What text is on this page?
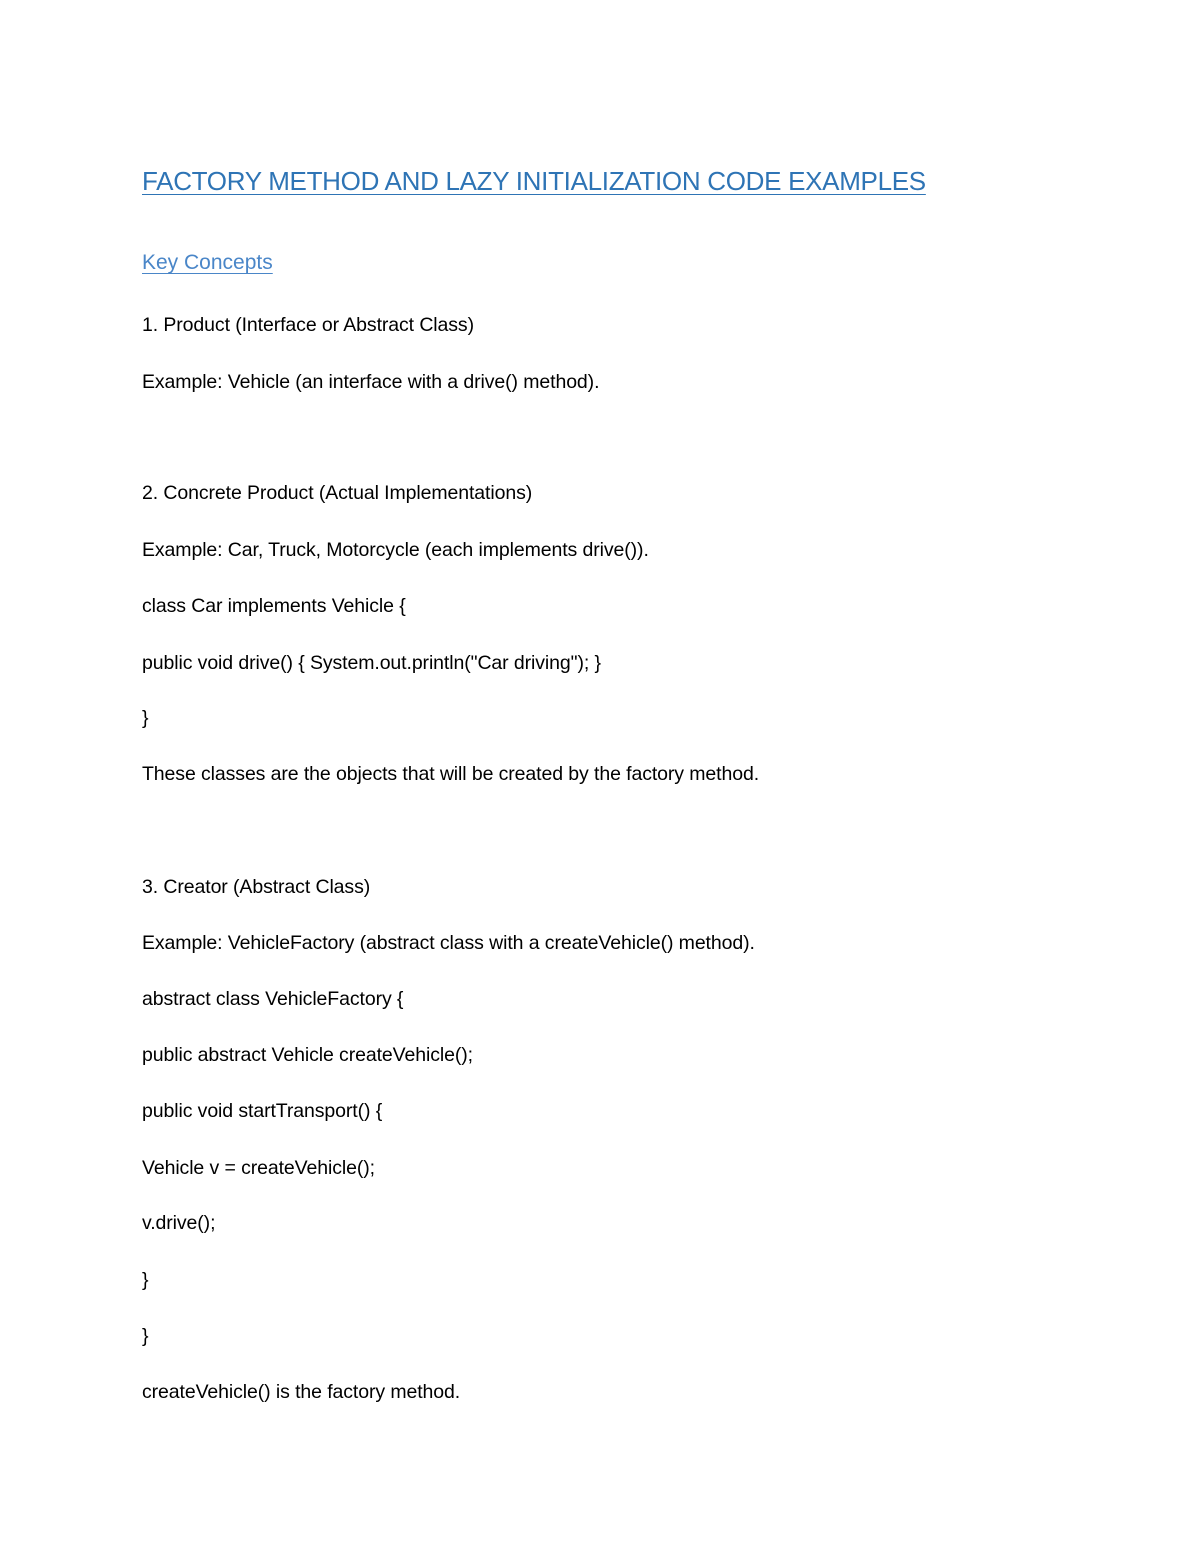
FACTORY METHOD AND LAZY INITIALIZATION CODE EXAMPLES
Key Concepts

1. Product (Interface or Abstract Class)

Example: Vehicle (an interface with a drive() method).

2. Concrete Product (Actual Implementations)

Example: Car, Truck, Motorcycle (each implements drive()).

class Car implements Vehicle {

public void drive() { System.out.println("Car driving"); }

}

These classes are the objects that will be created by the factory method.

3. Creator (Abstract Class)

Example: VehicleFactory (abstract class with a createVehicle() method).

abstract class VehicleFactory {

public abstract Vehicle createVehicle();

public void startTransport() {

Vehicle v = createVehicle();

v.drive();

}

}

createVehicle() is the factory method.
